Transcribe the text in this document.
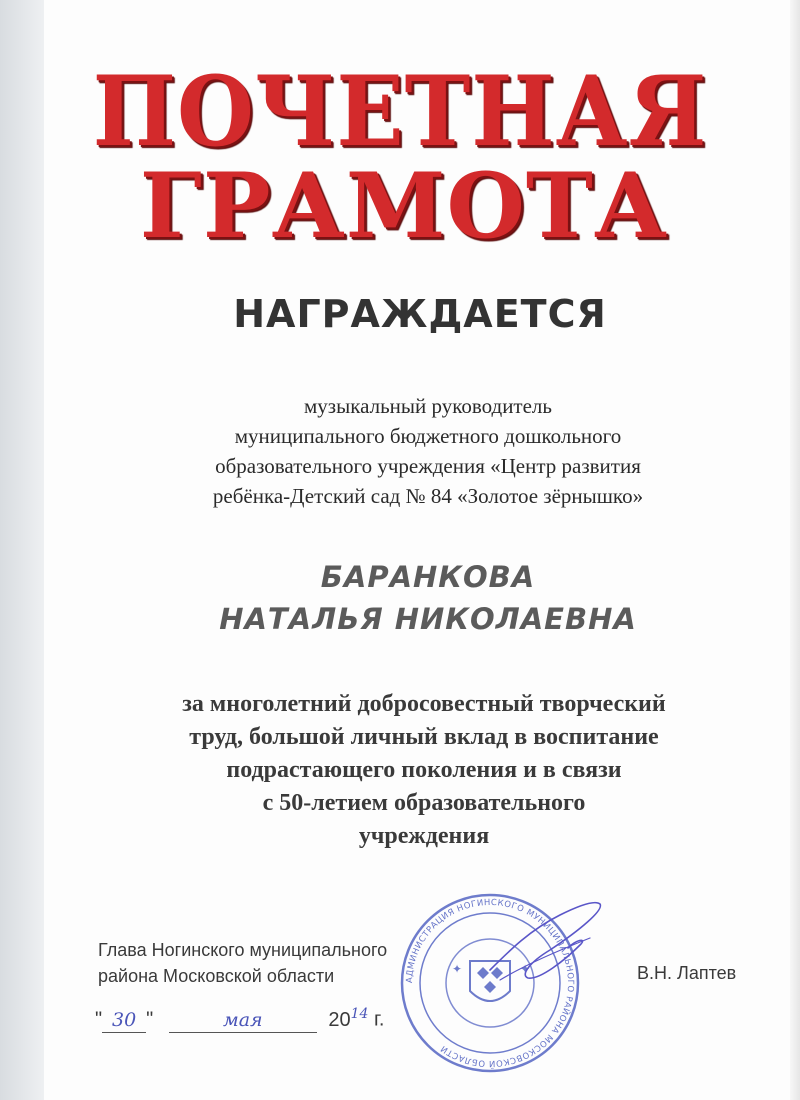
ПОЧЕТНАЯ
ГРАМОТА
НАГРАЖДАЕТСЯ
музыкальный руководитель
муниципального бюджетного дошкольного
образовательного учреждения «Центр развития
ребёнка-Детский сад № 84 «Золотое зёрнышко»
БАРАНКОВА
НАТАЛЬЯ НИКОЛАЕВНА
за многолетний добросовестный творческий
труд, большой личный вклад в воспитание
подрастающего поколения и в связи
с 50-летием образовательного
учреждения
Глава Ногинского муниципального
района Московской области	В.Н. Лаптев
" 30 "	мая	$20^{14}$ г.
АДМИНИСТРАЦИЯ НОГИНСКОГО МУНИЦИПАЛЬНОГО РАЙОНА МОСКОВСКОЙ ОБЛАСТИ
✦	✦
